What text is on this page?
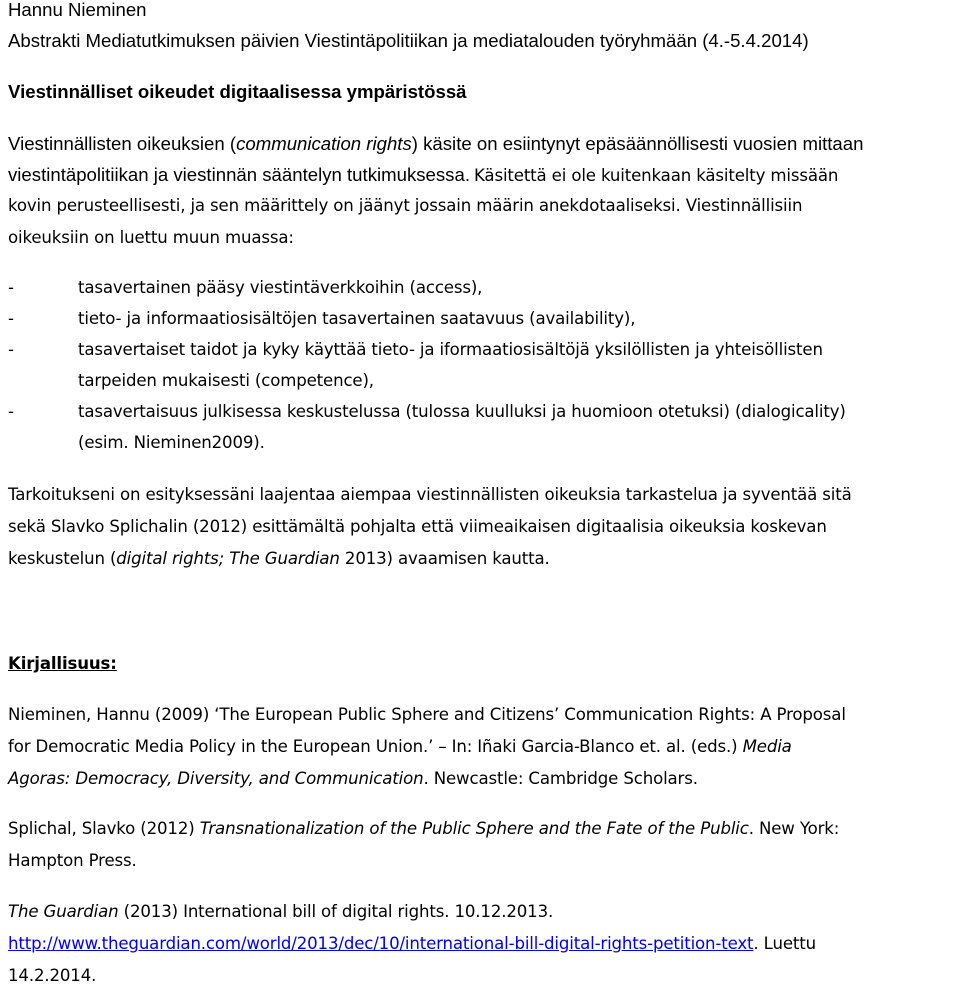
Hannu Nieminen
Abstrakti Mediatutkimuksen päivien Viestintäpolitiikan ja mediatalouden työryhmään (4.-5.4.2014)
Viestinnälliset oikeudet digitaalisessa ympäristössä
Viestinnällisten oikeuksien (communication rights) käsite on esiintynyt epäsäännöllisesti vuosien mittaan
viestintäpolitiikan ja viestinnän sääntelyn tutkimuksessa. Käsitettä ei ole kuitenkaan käsitelty missään
kovin perusteellisesti, ja sen määrittely on jäänyt jossain määrin anekdotaaliseksi. Viestinnällisiin
oikeuksiin on luettu muun muassa:
-	tasavertainen pääsy viestintäverkkoihin (access),
-	tieto- ja informaatiosisältöjen tasavertainen saatavuus (availability),
-	tasavertaiset taidot ja kyky käyttää tieto- ja iformaatiosisältöjä yksilöllisten ja yhteisöllisten
tarpeiden mukaisesti (competence),
-	tasavertaisuus julkisessa keskustelussa (tulossa kuulluksi ja huomioon otetuksi) (dialogicality)
(esim. Nieminen2009).
Tarkoitukseni on esityksessäni laajentaa aiempaa viestinnällisten oikeuksia tarkastelua ja syventää sitä
sekä Slavko Splichalin (2012) esittämältä pohjalta että viimeaikaisen digitaalisia oikeuksia koskevan
keskustelun (digital rights; The Guardian 2013) avaamisen kautta.
Kirjallisuus:
Nieminen, Hannu (2009) ‘The European Public Sphere and Citizens’ Communication Rights: A Proposal
for Democratic Media Policy in the European Union.’ – In: Iñaki Garcia-Blanco et. al. (eds.) Media
Agoras: Democracy, Diversity, and Communication. Newcastle: Cambridge Scholars.
Splichal, Slavko (2012) Transnationalization of the Public Sphere and the Fate of the Public. New York:
Hampton Press.
The Guardian (2013) International bill of digital rights. 10.12.2013.
http://www.theguardian.com/world/2013/dec/10/international-bill-digital-rights-petition-text. Luettu
14.2.2014.
